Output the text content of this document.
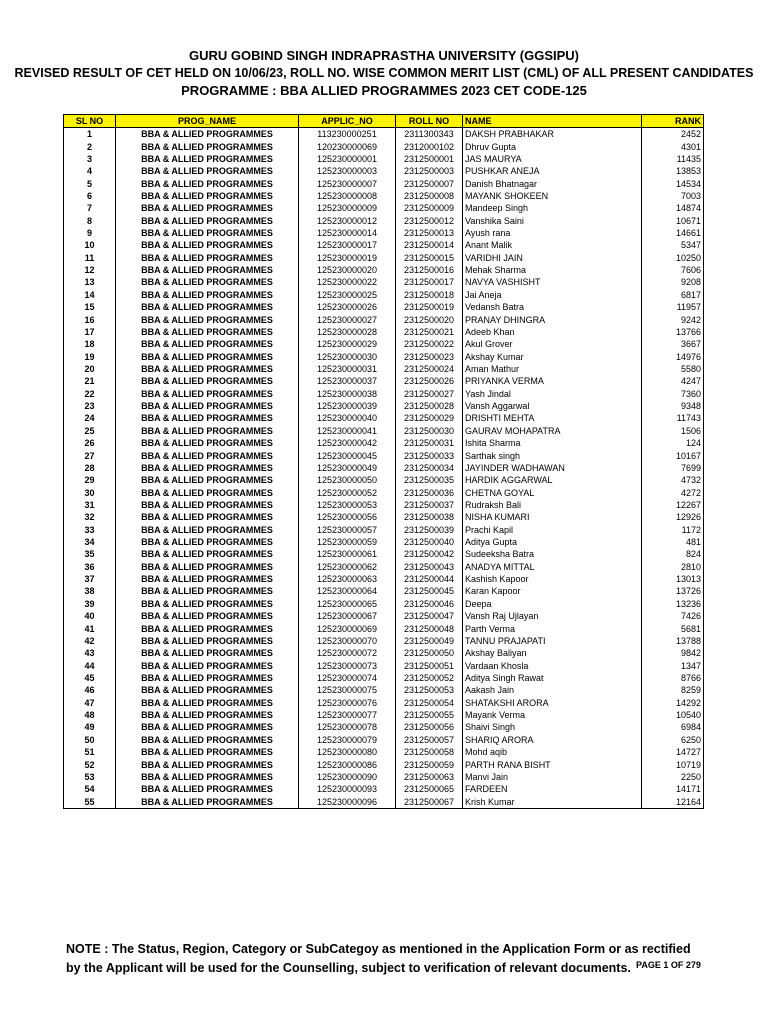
GURU GOBIND SINGH INDRAPRASTHA UNIVERSITY (GGSIPU)
REVISED RESULT OF CET HELD ON 10/06/23, ROLL NO. WISE COMMON MERIT LIST (CML) OF ALL PRESENT CANDIDATES
PROGRAMME : BBA ALLIED PROGRAMMES 2023 CET CODE-125
SL NO	PROG_NAME	APPLIC_NO	ROLL NO	NAME	RANK
1	BBA & ALLIED PROGRAMMES	113230000251	2311300343	DAKSH PRABHAKAR	2452
2	BBA & ALLIED PROGRAMMES	120230000069	2312000102	Dhruv Gupta	4301
3	BBA & ALLIED PROGRAMMES	125230000001	2312500001	JAS MAURYA	11435
4	BBA & ALLIED PROGRAMMES	125230000003	2312500003	PUSHKAR ANEJA	13853
5	BBA & ALLIED PROGRAMMES	125230000007	2312500007	Danish Bhatnagar	14534
6	BBA & ALLIED PROGRAMMES	125230000008	2312500008	MAYANK SHOKEEN	7003
7	BBA & ALLIED PROGRAMMES	125230000009	2312500009	Mandeep Singh	14874
8	BBA & ALLIED PROGRAMMES	125230000012	2312500012	Vanshika Saini	10671
9	BBA & ALLIED PROGRAMMES	125230000014	2312500013	Ayush rana	14661
10	BBA & ALLIED PROGRAMMES	125230000017	2312500014	Anant Malik	5347
11	BBA & ALLIED PROGRAMMES	125230000019	2312500015	VARIDHI JAIN	10250
12	BBA & ALLIED PROGRAMMES	125230000020	2312500016	Mehak Sharma	7606
13	BBA & ALLIED PROGRAMMES	125230000022	2312500017	NAVYA VASHISHT	9208
14	BBA & ALLIED PROGRAMMES	125230000025	2312500018	Jai Aneja	6817
15	BBA & ALLIED PROGRAMMES	125230000026	2312500019	Vedansh Batra	11957
16	BBA & ALLIED PROGRAMMES	125230000027	2312500020	PRANAY DHINGRA	9242
17	BBA & ALLIED PROGRAMMES	125230000028	2312500021	Adeeb Khan	13766
18	BBA & ALLIED PROGRAMMES	125230000029	2312500022	Akul Grover	3667
19	BBA & ALLIED PROGRAMMES	125230000030	2312500023	Akshay Kumar	14976
20	BBA & ALLIED PROGRAMMES	125230000031	2312500024	Aman Mathur	5580
21	BBA & ALLIED PROGRAMMES	125230000037	2312500026	PRIYANKA VERMA	4247
22	BBA & ALLIED PROGRAMMES	125230000038	2312500027	Yash Jindal	7360
23	BBA & ALLIED PROGRAMMES	125230000039	2312500028	Vansh Aggarwal	9348
24	BBA & ALLIED PROGRAMMES	125230000040	2312500029	DRISHTI MEHTA	11743
25	BBA & ALLIED PROGRAMMES	125230000041	2312500030	GAURAV MOHAPATRA	1506
26	BBA & ALLIED PROGRAMMES	125230000042	2312500031	Ishita Sharma	124
27	BBA & ALLIED PROGRAMMES	125230000045	2312500033	Sarthak singh	10167
28	BBA & ALLIED PROGRAMMES	125230000049	2312500034	JAYINDER WADHAWAN	7699
29	BBA & ALLIED PROGRAMMES	125230000050	2312500035	HARDIK AGGARWAL	4732
30	BBA & ALLIED PROGRAMMES	125230000052	2312500036	CHETNA GOYAL	4272
31	BBA & ALLIED PROGRAMMES	125230000053	2312500037	Rudraksh Bali	12267
32	BBA & ALLIED PROGRAMMES	125230000056	2312500038	NISHA KUMARI	12926
33	BBA & ALLIED PROGRAMMES	125230000057	2312500039	Prachi Kapil	1172
34	BBA & ALLIED PROGRAMMES	125230000059	2312500040	Aditya Gupta	481
35	BBA & ALLIED PROGRAMMES	125230000061	2312500042	Sudeeksha Batra	824
36	BBA & ALLIED PROGRAMMES	125230000062	2312500043	ANADYA MITTAL	2810
37	BBA & ALLIED PROGRAMMES	125230000063	2312500044	Kashish Kapoor	13013
38	BBA & ALLIED PROGRAMMES	125230000064	2312500045	Karan Kapoor	13726
39	BBA & ALLIED PROGRAMMES	125230000065	2312500046	Deepa	13236
40	BBA & ALLIED PROGRAMMES	125230000067	2312500047	Vansh Raj Ujlayan	7426
41	BBA & ALLIED PROGRAMMES	125230000069	2312500048	Parth Verma	5681
42	BBA & ALLIED PROGRAMMES	125230000070	2312500049	TANNU PRAJAPATI	13788
43	BBA & ALLIED PROGRAMMES	125230000072	2312500050	Akshay Baliyan	9842
44	BBA & ALLIED PROGRAMMES	125230000073	2312500051	Vardaan Khosla	1347
45	BBA & ALLIED PROGRAMMES	125230000074	2312500052	Aditya Singh Rawat	8766
46	BBA & ALLIED PROGRAMMES	125230000075	2312500053	Aakash Jain	8259
47	BBA & ALLIED PROGRAMMES	125230000076	2312500054	SHATAKSHI ARORA	14292
48	BBA & ALLIED PROGRAMMES	125230000077	2312500055	Mayank Verma	10540
49	BBA & ALLIED PROGRAMMES	125230000078	2312500056	Shaivi Singh	6984
50	BBA & ALLIED PROGRAMMES	125230000079	2312500057	SHARIQ ARORA	6250
51	BBA & ALLIED PROGRAMMES	125230000080	2312500058	Mohd aqib	14727
52	BBA & ALLIED PROGRAMMES	125230000086	2312500059	PARTH RANA BISHT	10719
53	BBA & ALLIED PROGRAMMES	125230000090	2312500063	Manvi Jain	2250
54	BBA & ALLIED PROGRAMMES	125230000093	2312500065	FARDEEN	14171
55	BBA & ALLIED PROGRAMMES	125230000096	2312500067	Krish Kumar	12164
NOTE : The Status, Region, Category or SubCategoy as mentioned in the Application Form or as rectified by the Applicant will be used for the Counselling, subject to verification of relevant documents. PAGE 1 OF 279
